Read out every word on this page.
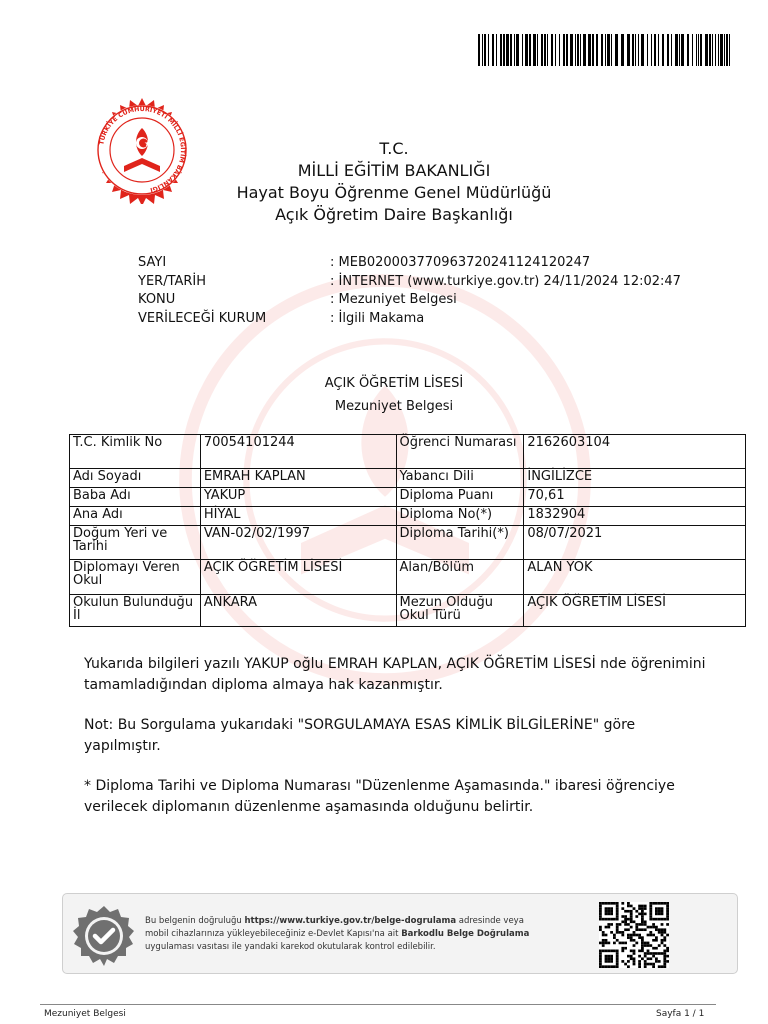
TÜRKİYE CUMHURİYETİ MİLLİ EĞİTİM BAKANLIĞI
T.C.
MİLLİ EĞİTİM BAKANLIĞI
Hayat Boyu Öğrenme Genel Müdürlüğü
Açık Öğretim Daire Başkanlığı
SAYI	: MEB020003770963720241124120247
YER/TARİH	: İNTERNET (www.turkiye.gov.tr) 24/11/2024 12:02:47
KONU	: Mezuniyet Belgesi
VERİLECEĞİ KURUM	: İlgili Makama
AÇIK ÖĞRETİM LİSESİ
Mezuniyet Belgesi
T.C. Kimlik No	70054101244	Öğrenci Numarası	2162603104
Adı Soyadı	EMRAH KAPLAN	Yabancı Dili	İNGİLİZCE
Baba Adı	YAKUP	Diploma Puanı	70,61
Ana Adı	HİYAL	Diploma No(*)	1832904
Doğum Yeri ve Tarihi	VAN-02/02/1997	Diploma Tarihi(*)	08/07/2021
Diplomayı Veren Okul	AÇIK ÖĞRETİM LİSESİ	Alan/Bölüm	ALAN YOK
Okulun Bulunduğu İl	ANKARA	Mezun Olduğu Okul Türü	AÇIK ÖĞRETİM LİSESİ

Yukarıda bilgileri yazılı YAKUP oğlu EMRAH KAPLAN, AÇIK ÖĞRETİM LİSESİ nde öğrenimini tamamladığından diploma almaya hak kazanmıştır.

Not: Bu Sorgulama yukarıdaki "SORGULAMAYA ESAS KİMLİK BİLGİLERİNE" göre yapılmıştır.

* Diploma Tarihi ve Diploma Numarası "Düzenlenme Aşamasında." ibaresi öğrenciye verilecek diplomanın düzenlenme aşamasında olduğunu belirtir.

Bu belgenin doğruluğu https://www.turkiye.gov.tr/belge-dogrulama adresinde veya
mobil cihazlarınıza yükleyebileceğiniz e-Devlet Kapısı'na ait Barkodlu Belge Doğrulama
uygulaması vasıtası ile yandaki karekod okutularak kontrol edilebilir.
Mezuniyet Belgesi	Sayfa 1 / 1
